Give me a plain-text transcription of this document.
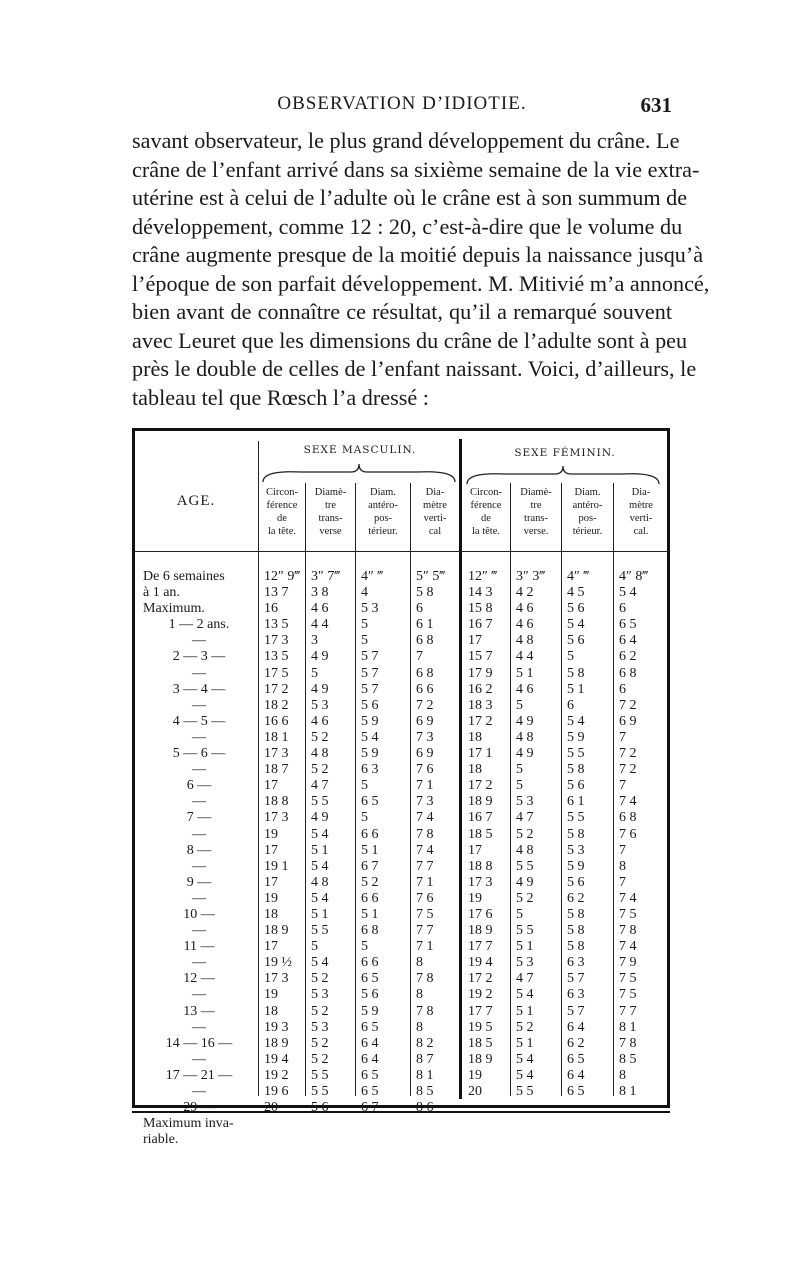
OBSERVATION D’IDIOTIE.	631
savant observateur, le plus grand développement du crâne. Le
crâne de l’enfant arrivé dans sa sixième semaine de la vie extra-
utérine est à celui de l’adulte où le crâne est à son summum de
développement, comme 12 : 20, c’est-à-dire que le volume du
crâne augmente presque de la moitié depuis la naissance jusqu’à
l’époque de son parfait développement. M. Mitivié m’a annoncé,
bien avant de connaître ce résultat, qu’il a remarqué souvent
avec Leuret que les dimensions du crâne de l’adulte sont à peu
près le double de celles de l’enfant naissant. Voici, d’ailleurs, le
tableau tel que Rœsch l’a dressé :
SEXE MASCULIN.	SEXE FÉMININ.
AGE.
Circon-
férence
de
la tête.
Diamè-
tre
trans-
verse
Diam.
antéro-
pos-
térieur.
Dia-
mètre
verti-
cal
Circon-
férence
de
la tête.
Diamè-
tre
trans-
verse.
Diam.
antéro-
pos-
térieur.
Dia-
mètre
verti-
cal.
De 6 semaines
à 1 an.
Maximum.
1 — 2 ans.
—
2 — 3 —
—
3 — 4 —
—
4 — 5 —
—
5 — 6 —
—
6 —
—
7 —
—
8 —
—
9 —
—
10 —
—
11 —
—
12 —
—
13 —
—
14 — 16 —
—
17 — 21 —
—
29 —
Maximum inva-
riable.
12″ 9‴
13 7
16
13 5
17 3
13 5
17 5
17 2
18 2
16 6
18 1
17 3
18 7
17
18 8
17 3
19
17
19 1
17
19
18
18 9
17
19 ½
17 3
19
18
19 3
18 9
19 4
19 2
19 6
20
3″ 7‴
3 8
4 6
4 4
3
4 9
5
4 9
5 3
4 6
5 2
4 8
5 2
4 7
5 5
4 9
5 4
5 1
5 4
4 8
5 4
5 1
5 5
5
5 4
5 2
5 3
5 2
5 3
5 2
5 2
5 5
5 5
5 6
4″ ‴
4
5 3
5
5
5 7
5 7
5 7
5 6
5 9
5 4
5 9
6 3
5
6 5
5
6 6
5 1
6 7
5 2
6 6
5 1
6 8
5
6 6
6 5
5 6
5 9
6 5
6 4
6 4
6 5
6 5
6 7
5″ 5‴
5 8
6
6 1
6 8
7
6 8
6 6
7 2
6 9
7 3
6 9
7 6
7 1
7 3
7 4
7 8
7 4
7 7
7 1
7 6
7 5
7 7
7 1
8
7 8
8
7 8
8
8 2
8 7
8 1
8 5
8 6
12″ ‴
14 3
15 8
16 7
17
15 7
17 9
16 2
18 3
17 2
18
17 1
18
17 2
18 9
16 7
18 5
17
18 8
17 3
19
17 6
18 9
17 7
19 4
17 2
19 2
17 7
19 5
18 5
18 9
19
20
3″ 3‴
4 2
4 6
4 6
4 8
4 4
5 1
4 6
5
4 9
4 8
4 9
5
5
5 3
4 7
5 2
4 8
5 5
4 9
5 2
5
5 5
5 1
5 3
4 7
5 4
5 1
5 2
5 1
5 4
5 4
5 5
4″ ‴
4 5
5 6
5 4
5 6
5
5 8
5 1
6
5 4
5 9
5 5
5 8
5 6
6 1
5 5
5 8
5 3
5 9
5 6
6 2
5 8
5 8
5 8
6 3
5 7
6 3
5 7
6 4
6 2
6 5
6 4
6 5
4″ 8‴
5 4
6
6 5
6 4
6 2
6 8
6
7 2
6 9
7
7 2
7 2
7
7 4
6 8
7 6
7
8
7
7 4
7 5
7 8
7 4
7 9
7 5
7 5
7 7
8 1
7 8
8 5
8
8 1
